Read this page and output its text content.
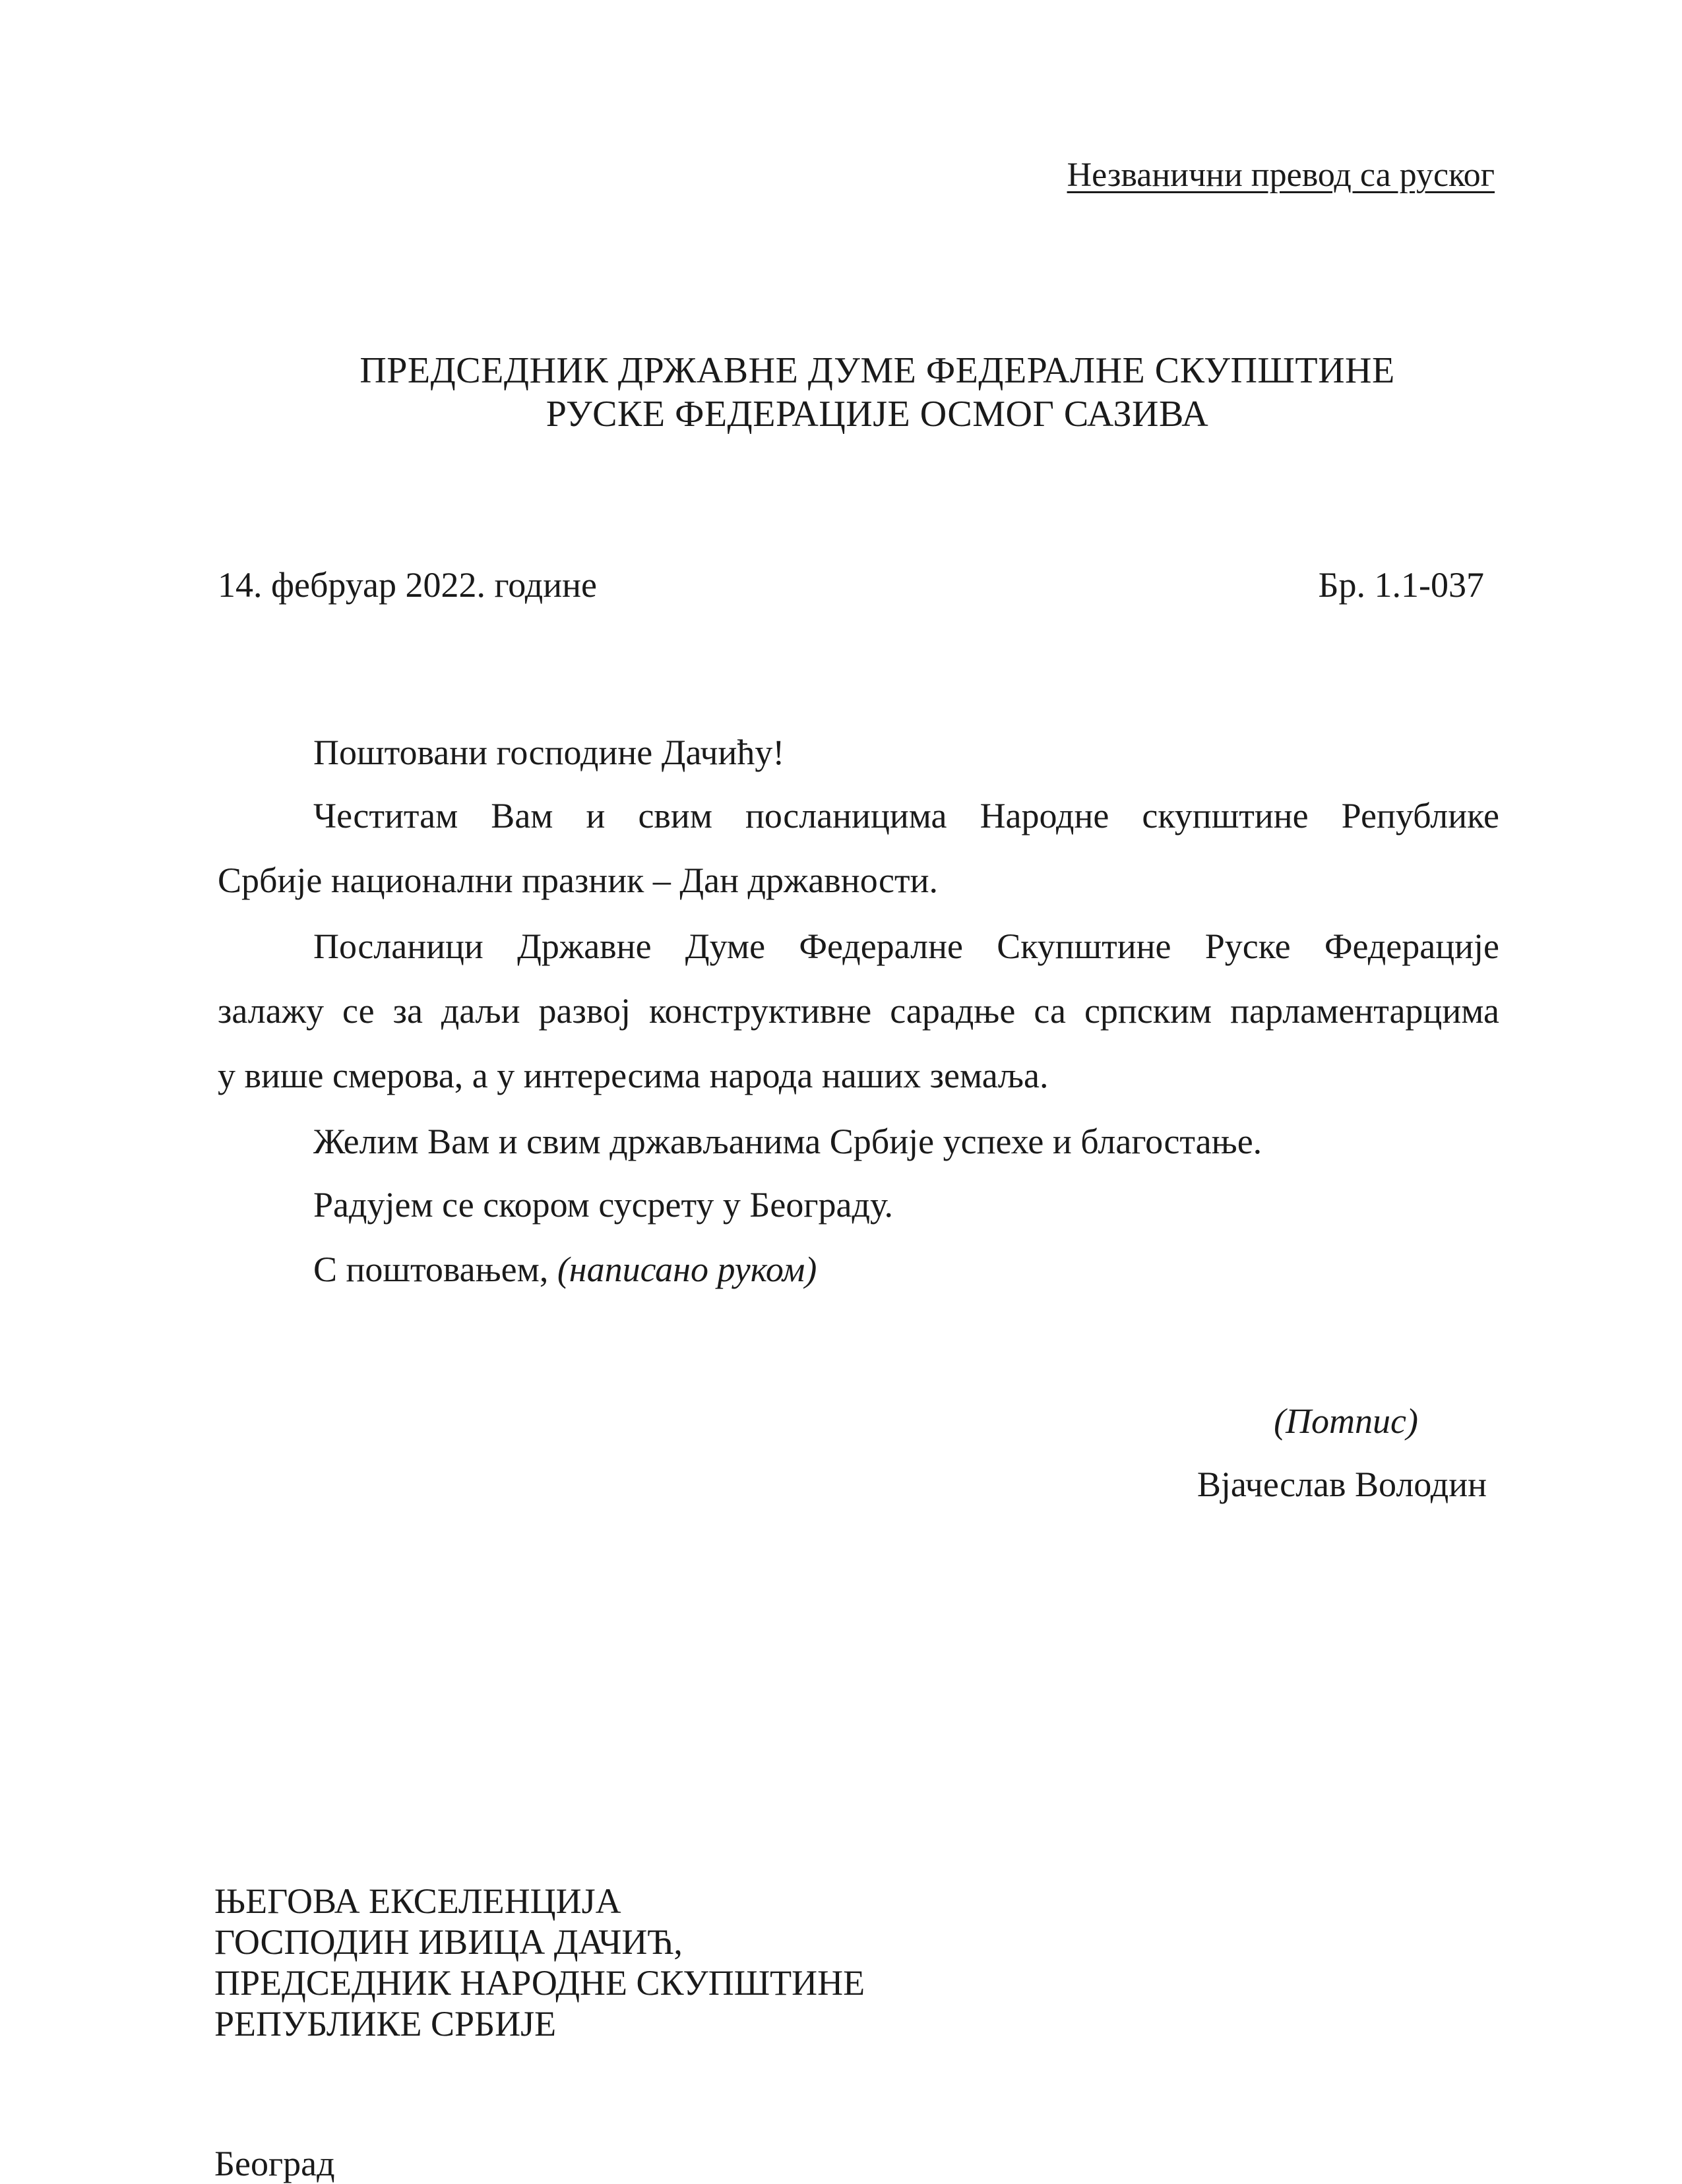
Незванични превод са руског
ПРЕДСЕДНИК ДРЖАВНЕ ДУМЕ ФЕДЕРАЛНЕ СКУПШТИНЕ
РУСКЕ ФЕДЕРАЦИЈЕ ОСМОГ САЗИВА
14. фебруар 2022. године	Бр. 1.1-037
Поштовани господине Дачићу!
Честитам Вам и свим посланицима Народне скупштине Републике
Србије национални празник – Дан државности.
Посланици Државне Думе Федералне Скупштине Руске Федерације
залажу се за даљи развој конструктивне сарадње са српским парламентарцима
у више смерова, а у интересима народа наших земаља.
Желим Вам и свим држављанима Србије успехе и благостање.
Радујем се скором сусрету у Београду.
С поштовањем, (написано руком)
(Потпис)
Вјачеслав Володин
ЊЕГОВА ЕКСЕЛЕНЦИЈА
ГОСПОДИН ИВИЦА ДАЧИЋ,
ПРЕДСЕДНИК НАРОДНЕ СКУПШТИНЕ
РЕПУБЛИКЕ СРБИЈЕ
Београд
